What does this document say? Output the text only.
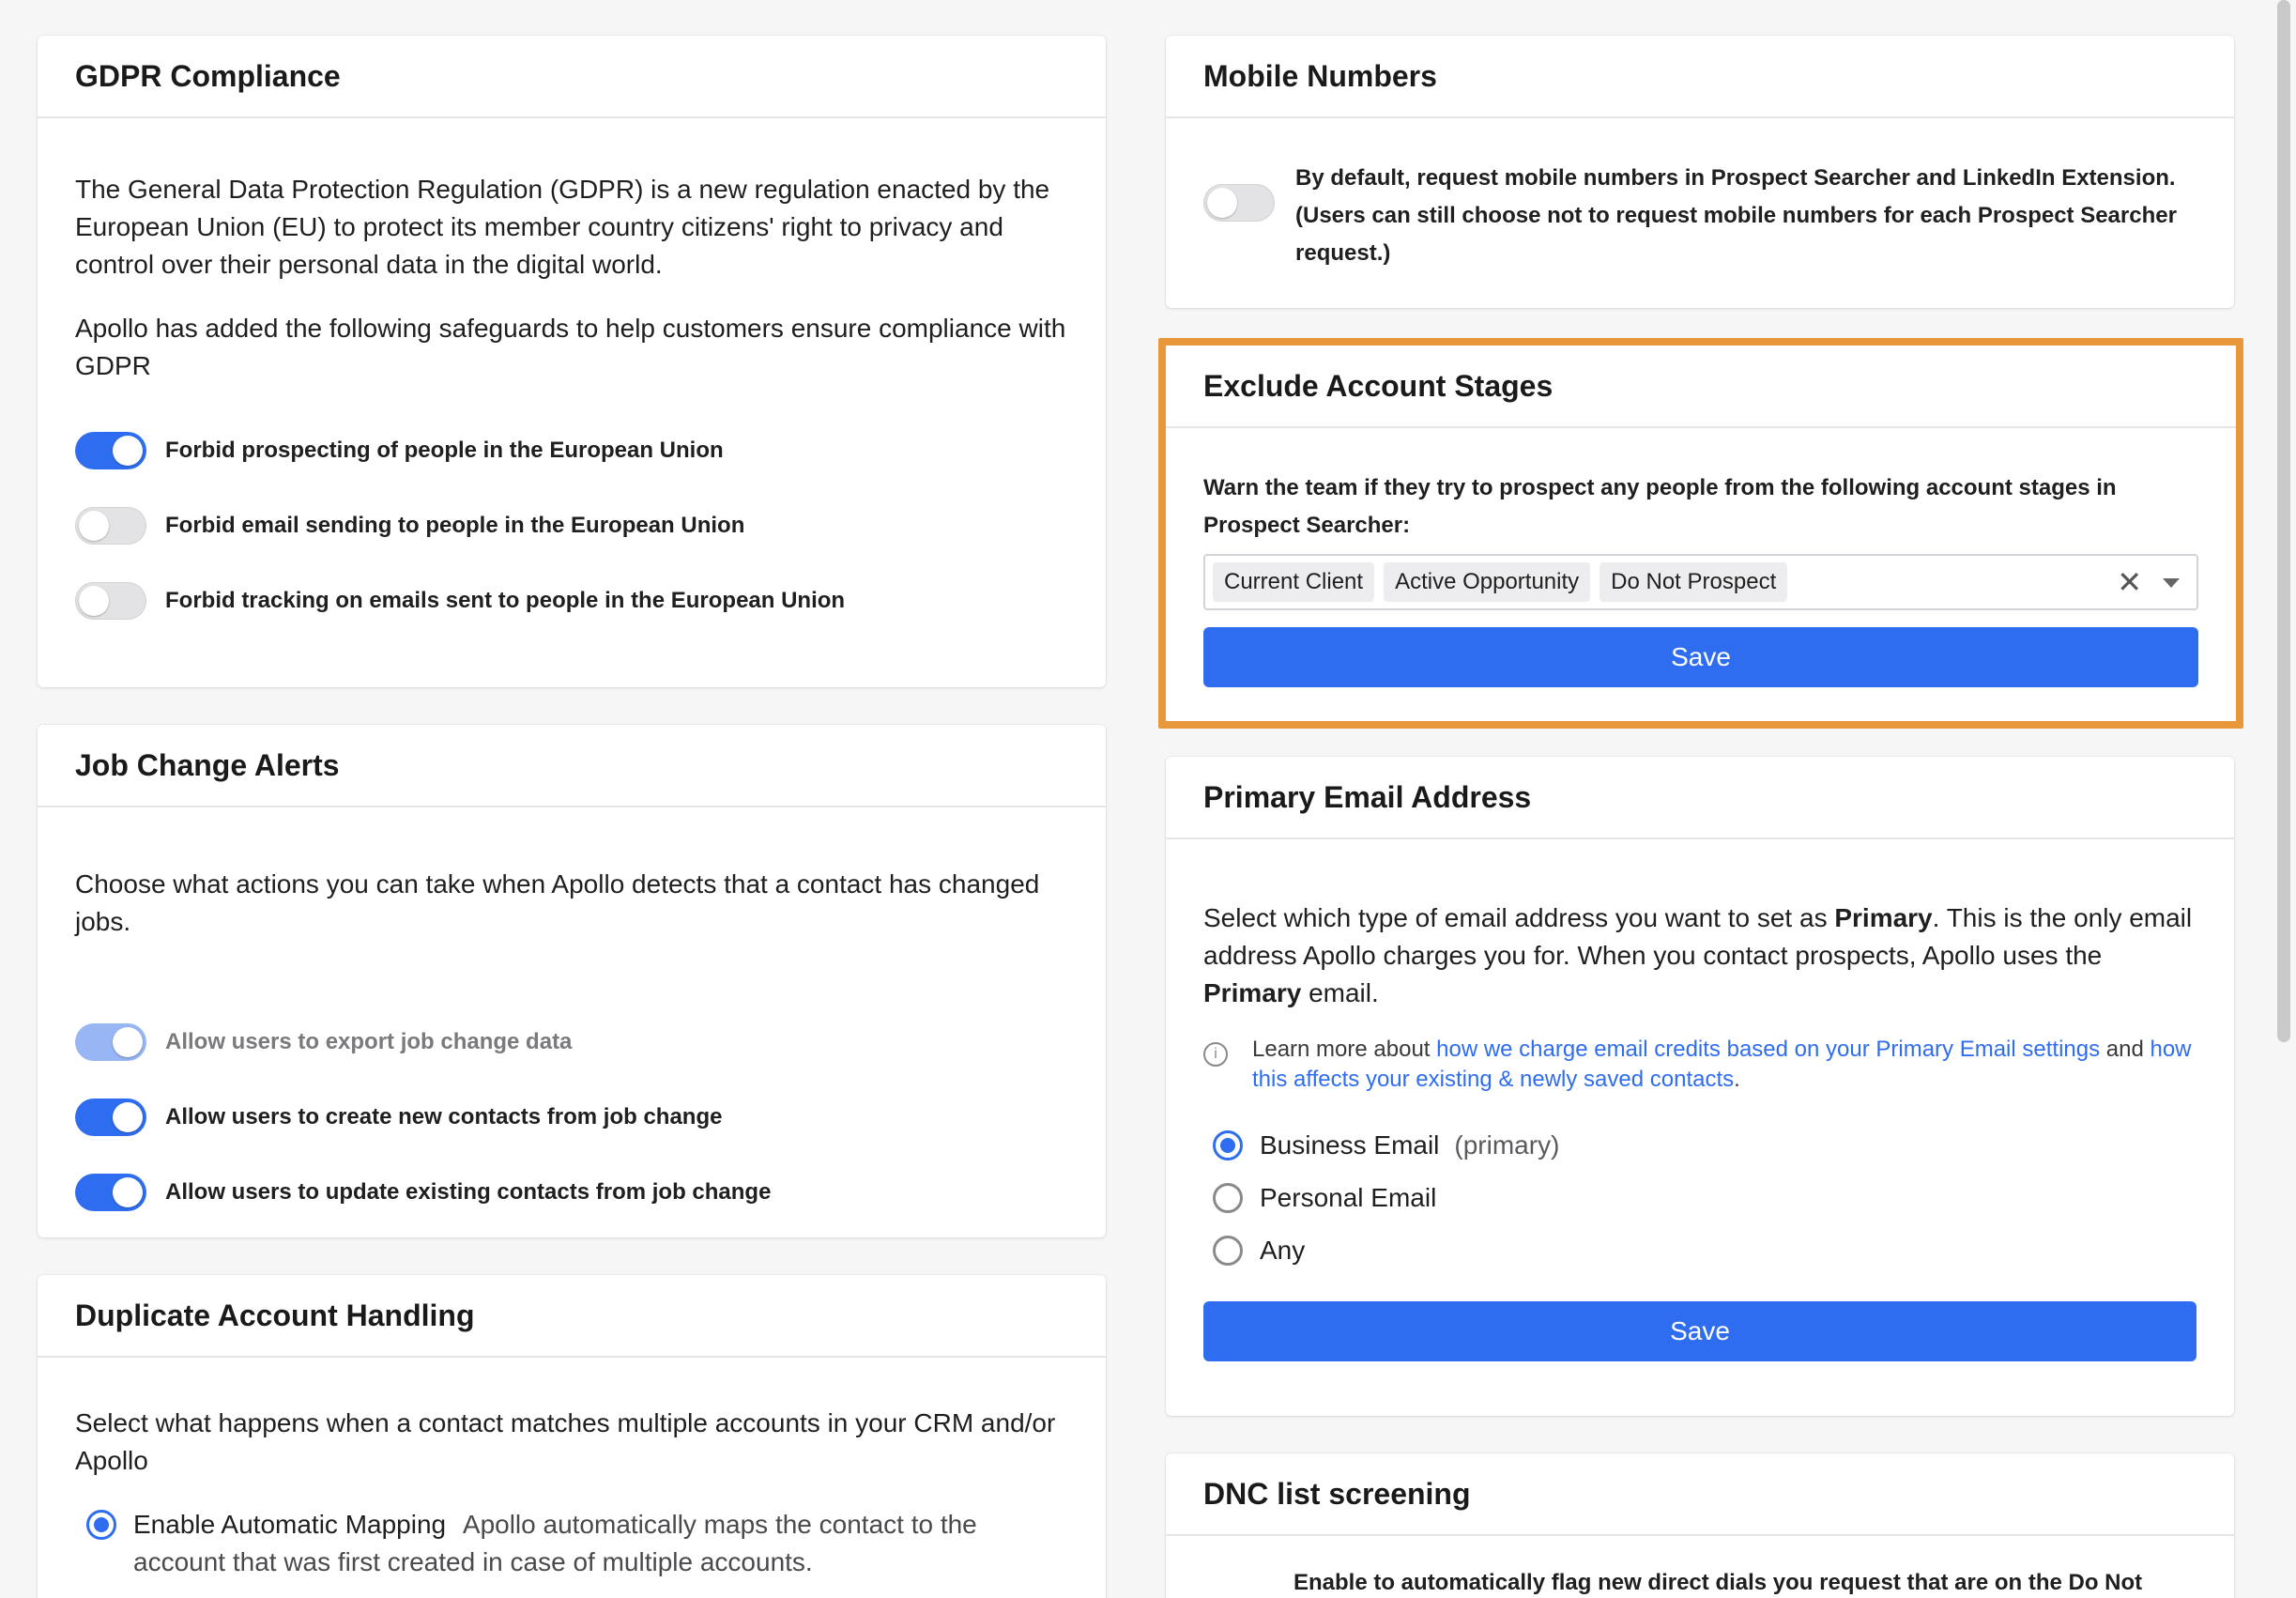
GDPR Compliance

The General Data Protection Regulation (GDPR) is a new regulation enacted by the European Union (EU) to protect its member country citizens' right to privacy and control over their personal data in the digital world.

Apollo has added the following safeguards to help customers ensure compliance with GDPR

Forbid prospecting of people in the European Union
Forbid email sending to people in the European Union
Forbid tracking on emails sent to people in the European Union
Job Change Alerts

Choose what actions you can take when Apollo detects that a contact has changed jobs.

Allow users to export job change data
Allow users to create new contacts from job change
Allow users to update existing contacts from job change
Duplicate Account Handling

Select what happens when a contact matches multiple accounts in your CRM and/or Apollo

Enable Automatic Mapping Apollo automatically maps the contact to the account that was first created in case of multiple accounts.

Mobile Numbers

By default, request mobile numbers in Prospect Searcher and LinkedIn Extension. (Users can still choose not to request mobile numbers for each Prospect Searcher request.)

Exclude Account Stages

Warn the team if they try to prospect any people from the following account stages in Prospect Searcher:

Current Client	Active Opportunity	Do Not Prospect	✕
Save
Primary Email Address

Select which type of email address you want to set as Primary. This is the only email address Apollo charges you for. When you contact prospects, Apollo uses the Primary email.

i	Learn more about how we charge email credits based on your Primary Email settings and how this affects your existing & newly saved contacts.

Business Email (primary)
Personal Email
Any
Save
DNC list screening

Enable to automatically flag new direct dials you request that are on the Do Not
